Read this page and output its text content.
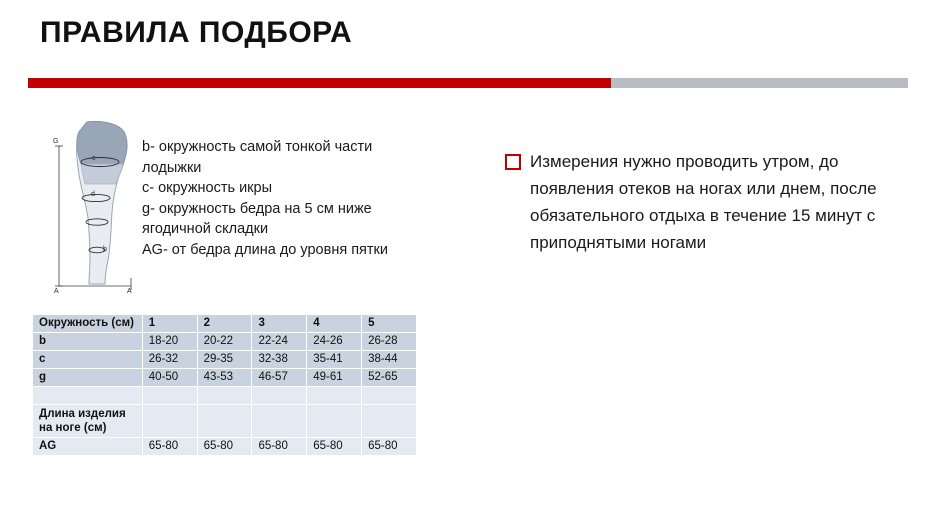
ПРАВИЛА ПОДБОРА
G
c
d
b
A	A
b- окружность самой тонкой части
лодыжки
c- окружность икры
g- окружность бедра на 5 см ниже
ягодичной складки
AG- от бедра длина до уровня пятки
Измерения нужно проводить утром, до появления отеков на ногах или днем, после обязательного отдыха в течение 15 минут с приподнятыми ногами
Окружность (см)	1	2	3	4	5
b	18-20	20-22	22-24	24-26	26-28
c	26-32	29-35	32-38	35-41	38-44
g	40-50	43-53	46-57	49-61	52-65

Длина изделия на ноге (см)					
AG	65-80	65-80	65-80	65-80	65-80
